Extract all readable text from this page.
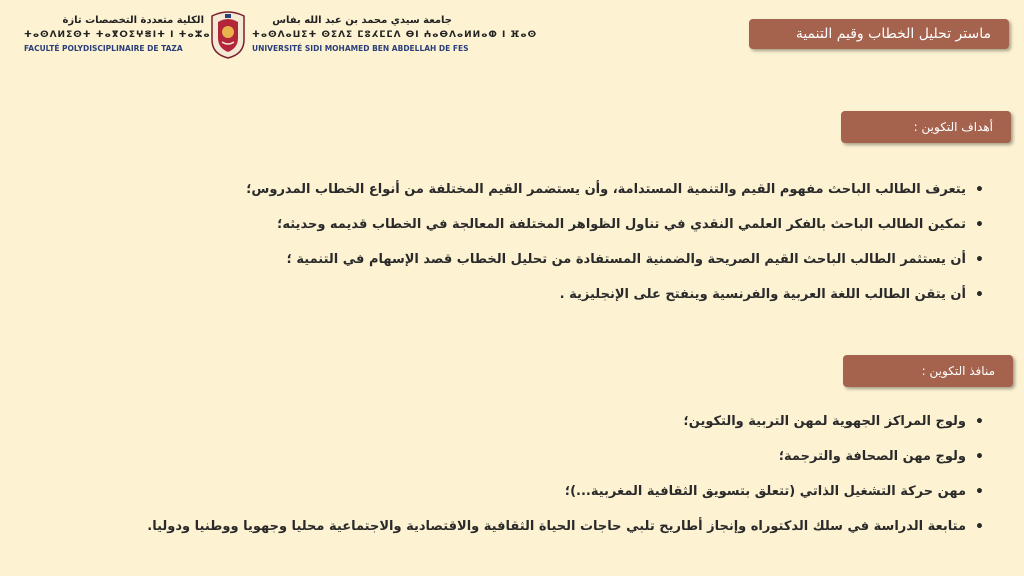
الكلية متعددة التخصصات تازة
ⵜⴰⵙⴷⵍⵉⵙⵜ ⵜⴰⴳⵔⵉⵖⴻⵏⵜ ⵏ ⵜⴰⵣⴰ
FACULTÉ POLYDISCIPLINAIRE DE TAZA
جامعة سيدي محمد بن عبد الله بفاس
ⵜⴰⵙⴷⴰⵡⵉⵜ ⵙⵉⴷⵉ ⵎⵓⵃⵎⵎⴷ ⴱⵏ ⵄⴰⴱⴷⴰⵍⵍⴰⵀ ⵏ ⴼⴰⵙ
UNIVERSITÉ SIDI MOHAMED BEN ABDELLAH DE FES
ماستر تحليل الخطاب وقيم التنمية
أهداف التكوين :
• يتعرف الطالب الباحث مفهوم القيم والتنمية المستدامة، وأن يستضمر القيم المختلفة من أنواع الخطاب المدروس؛
• تمكين الطالب الباحث بالفكر العلمي النقدي في تناول الظواهر المختلفة المعالجة في الخطاب قديمه وحديثه؛
• أن يستثمر الطالب الباحث القيم الصريحة والضمنية المستفادة من تحليل الخطاب قصد الإسهام في التنمية ؛
• أن يتقن الطالب اللغة العربية والفرنسية وينفتح على الإنجليزية .
منافذ التكوين :
• ولوج المراكز الجهوية لمهن التربية والتكوين؛
• ولوج مهن الصحافة والترجمة؛
• مهن حركة التشغيل الذاتي (تتعلق بتسويق الثقافية المغربية...)؛
• متابعة الدراسة في سلك الدكتوراه وإنجاز أطاريح تلبي حاجات الحياة الثقافية والاقتصادية والاجتماعية محليا وجهويا ووطنيا ودوليا.
